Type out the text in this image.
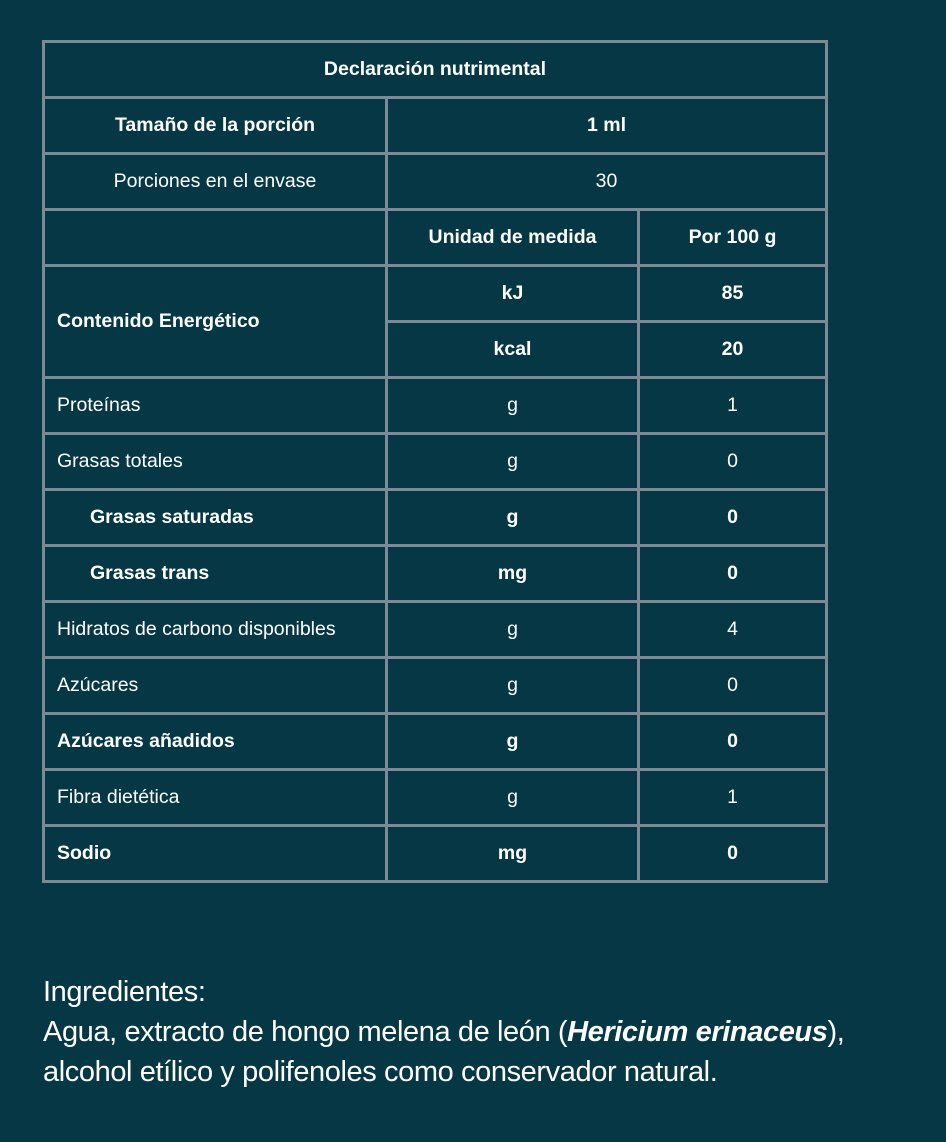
Declaración nutrimental		
Tamaño de la porción	1 ml	
Porciones en el envase	30	
	Unidad de medida	Por 100 g
Contenido Energético	kJ	85
	kcal	20
Proteínas	g	1
Grasas totales	g	0
Grasas saturadas	g	0
Grasas trans	mg	0
Hidratos de carbono disponibles	g	4
Azúcares	g	0
Azúcares añadidos	g	0
Fibra dietética	g	1
Sodio	mg	0
Ingredientes:
Agua, extracto de hongo melena de león (Hericium erinaceus),
alcohol etílico y polifenoles como conservador natural.
